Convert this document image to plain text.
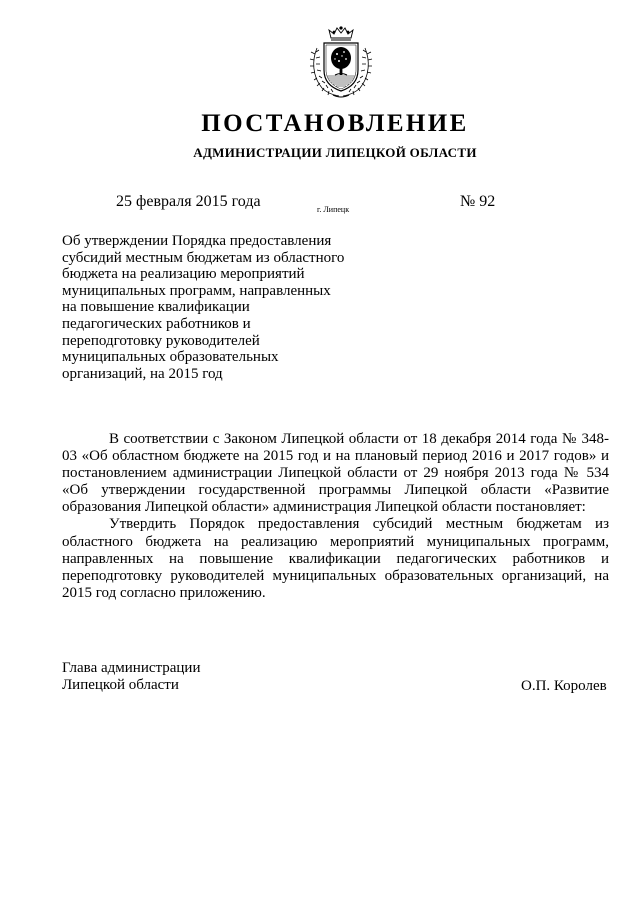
ПОСТАНОВЛЕНИЕ
АДМИНИСТРАЦИИ ЛИПЕЦКОЙ ОБЛАСТИ
25 февраля 2015 года	г. Липецк	№ 92
Об утверждении Порядка предоставления
субсидий местным бюджетам из областного
бюджета на реализацию мероприятий
муниципальных программ, направленных
на повышение квалификации
педагогических работников и
переподготовку руководителей
муниципальных образовательных
организаций, на 2015 год

В соответствии с Законом Липецкой области от 18 декабря 2014 года № 348-03 «Об областном бюджете на 2015 год и на плановый период 2016 и 2017 годов» и постановлением администрации Липецкой области от 29 ноября 2013 года № 534 «Об утверждении государственной программы Липецкой области «Развитие образования Липецкой области» администрация Липецкой области постановляет:

Утвердить Порядок предоставления субсидий местным бюджетам из областного бюджета на реализацию мероприятий муниципальных программ, направленных на повышение квалификации педагогических работников и переподготовку руководителей муниципальных образовательных организаций, на 2015 год согласно приложению.

Глава администрации
Липецкой области	О.П. Королев
